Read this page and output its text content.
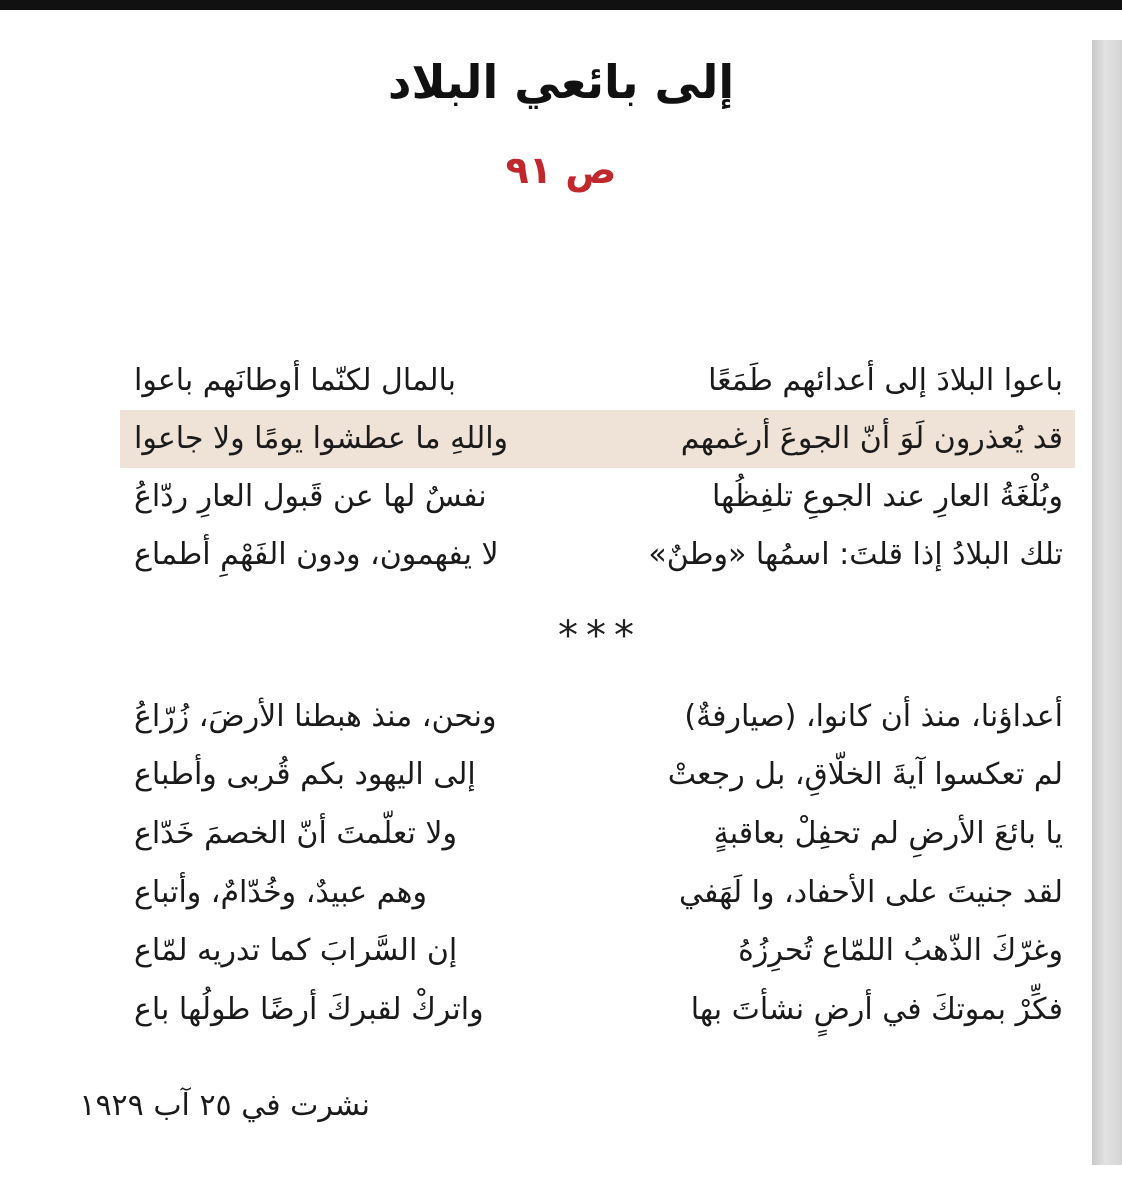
إلى بائعي البلاد
ص ٩١
باعوا البلادَ إلى أعدائهم طَمَعًا
بالمال لكنّما أوطانَهم باعوا
قد يُعذرون لَوَ أنّ الجوعَ أرغمهم
واللهِ ما عطشوا يومًا ولا جاعوا
وبُلْغَةُ العارِ عند الجوعِ تلفِظُها
نفسٌ لها عن قَبول العارِ ردّاعُ
تلك البلادُ إذا قلتَ: اسمُها «وطنٌ»
لا يفهمون، ودون الفَهْمِ أطماع
***
أعداؤنا، منذ أن كانوا، (صيارفةٌ)
ونحن، منذ هبطنا الأرضَ، زُرّاعُ
لم تعكسوا آيةَ الخلّاقِ، بل رجعتْ
إلى اليهود بكم قُربى وأطباع
يا بائعَ الأرضِ لم تحفِلْ بعاقبةٍ
ولا تعلّمتَ أنّ الخصمَ خَدّاع
لقد جنيتَ على الأحفاد، وا لَهَفي
وهم عبيدٌ، وخُدّامٌ، وأتباع
وغرّكَ الذّهبُ اللمّاع تُحرِزُهُ
إن السَّرابَ كما تدريه لمّاع
فكِّرْ بموتكَ في أرضٍ نشأتَ بها
واتركْ لقبركَ أرضًا طولُها باع
نشرت في ٢٥ آب ١٩٢٩
